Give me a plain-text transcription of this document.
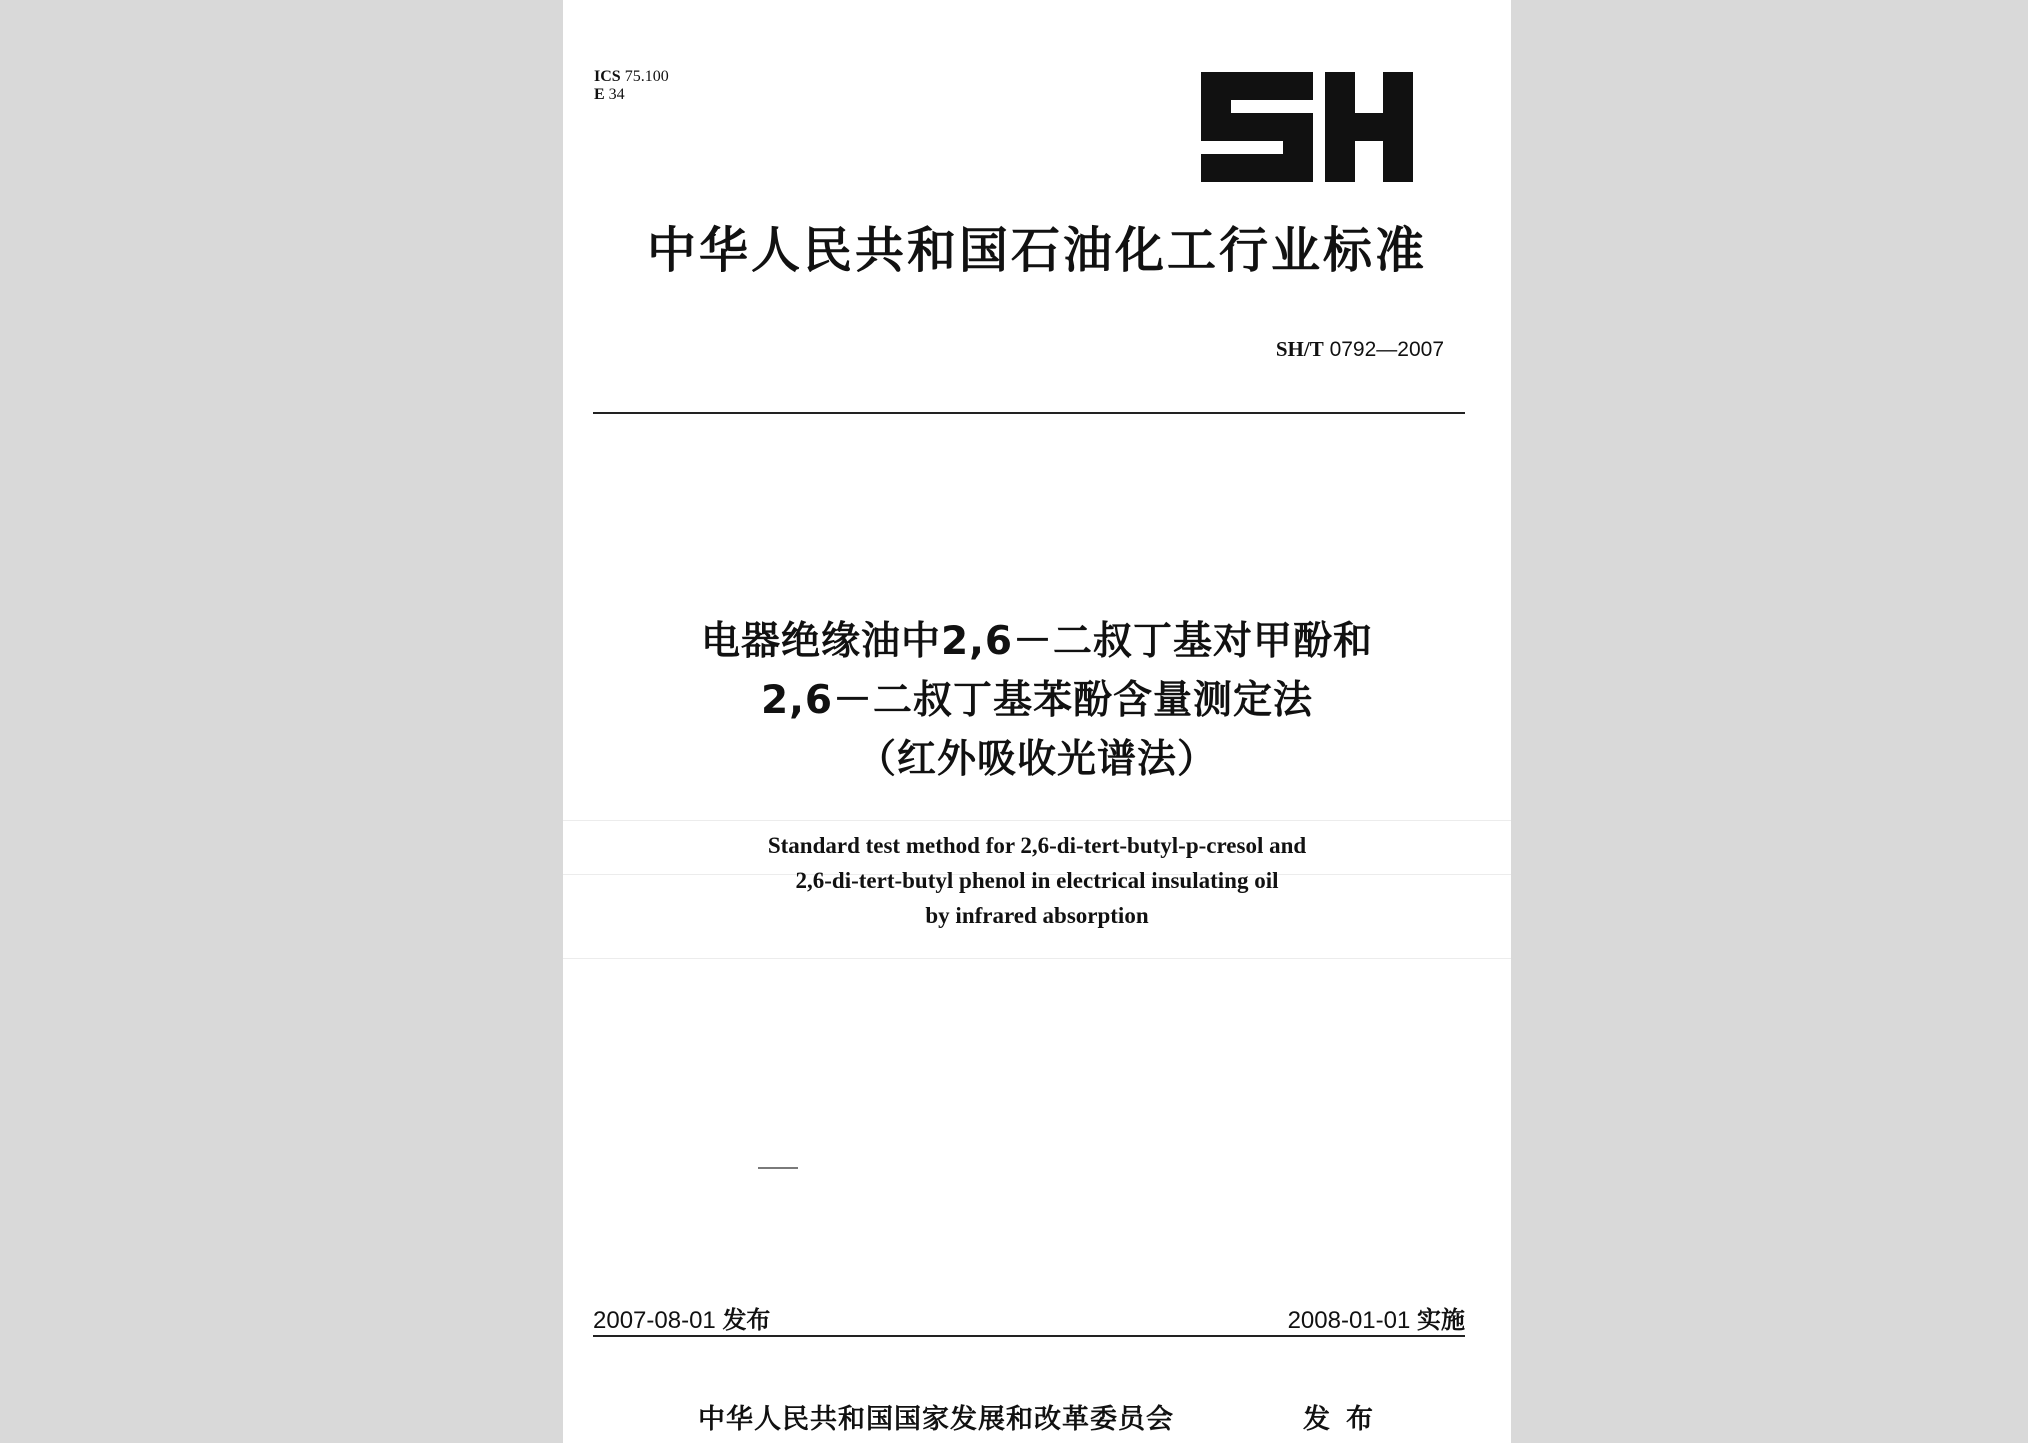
ICS 75.100
E 34
中华人民共和国石油化工行业标准
SH/T 0792—2007
电器绝缘油中2,6－二叔丁基对甲酚和
2,6－二叔丁基苯酚含量测定法
（红外吸收光谱法）
Standard test method for 2,6-di-tert-butyl-p-cresol and
2,6-di-tert-butyl phenol in electrical insulating oil
by infrared absorption
2007-08-01 发布	2008-01-01 实施
中华人民共和国国家发展和改革委员会	发布
